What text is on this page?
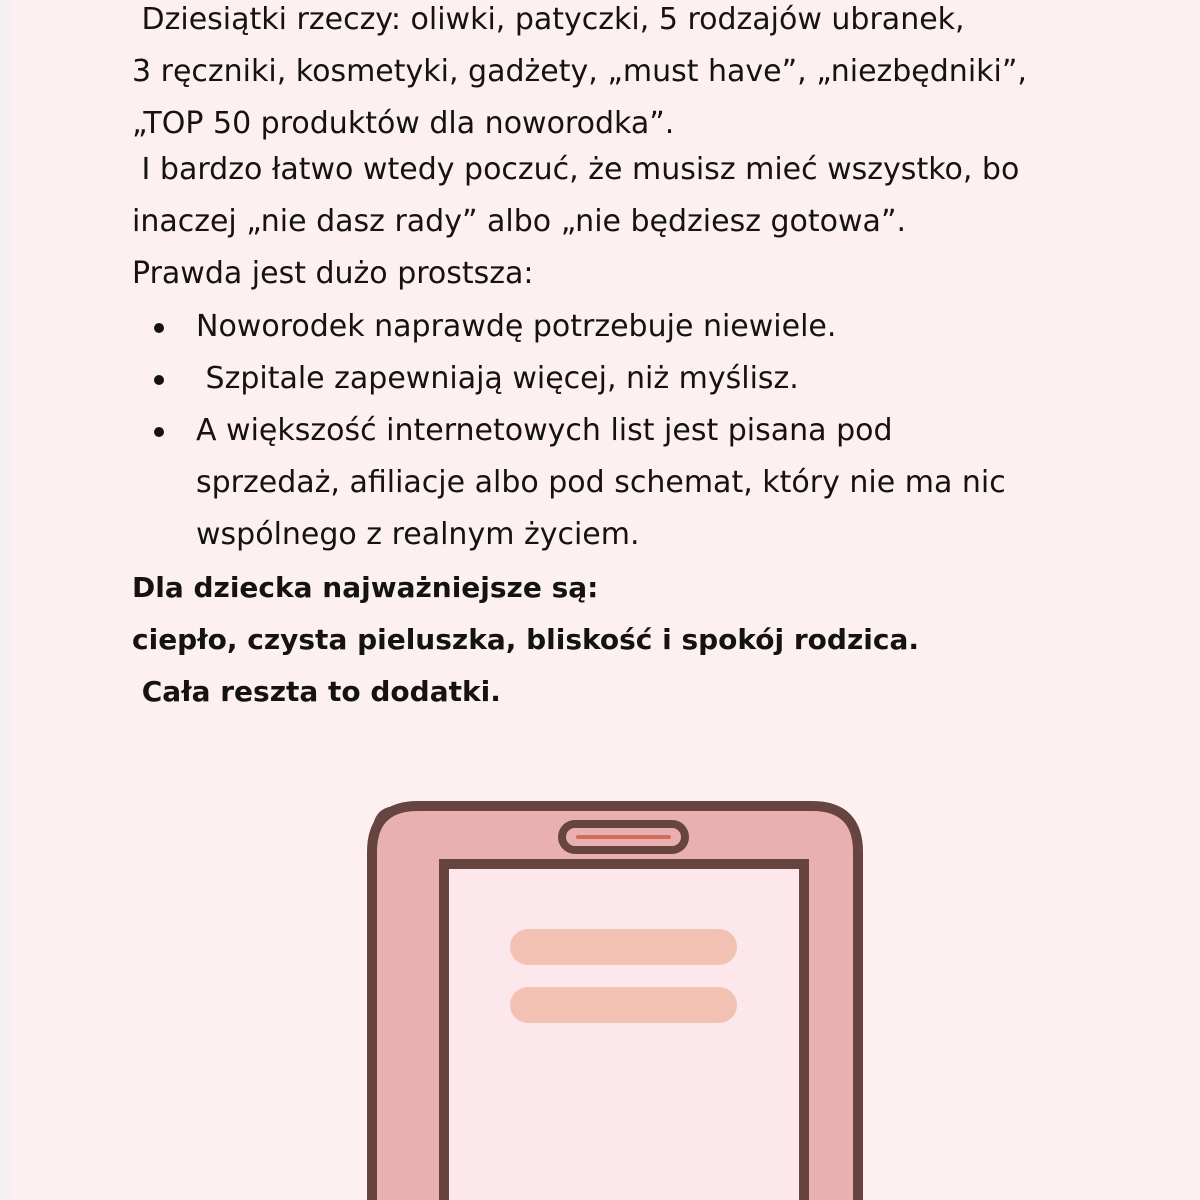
Dziesiątki rzeczy: oliwki, patyczki, 5 rodzajów ubranek,
3 ręczniki, kosmetyki, gadżety, „must have”, „niezbędniki”,
„TOP 50 produktów dla noworodka”.

I bardzo łatwo wtedy poczuć, że musisz mieć wszystko, bo
inaczej „nie dasz rady” albo „nie będziesz gotowa”.

Prawda jest dużo prostsza:

Noworodek naprawdę potrzebuje niewiele.
Szpitale zapewniają więcej, niż myślisz.
A większość internetowych list jest pisana pod
sprzedaż, afiliacje albo pod schemat, który nie ma nic
wspólnego z realnym życiem.

Dla dziecka najważniejsze są:
ciepło, czysta pieluszka, bliskość i spokój rodzica.
Cała reszta to dodatki.
